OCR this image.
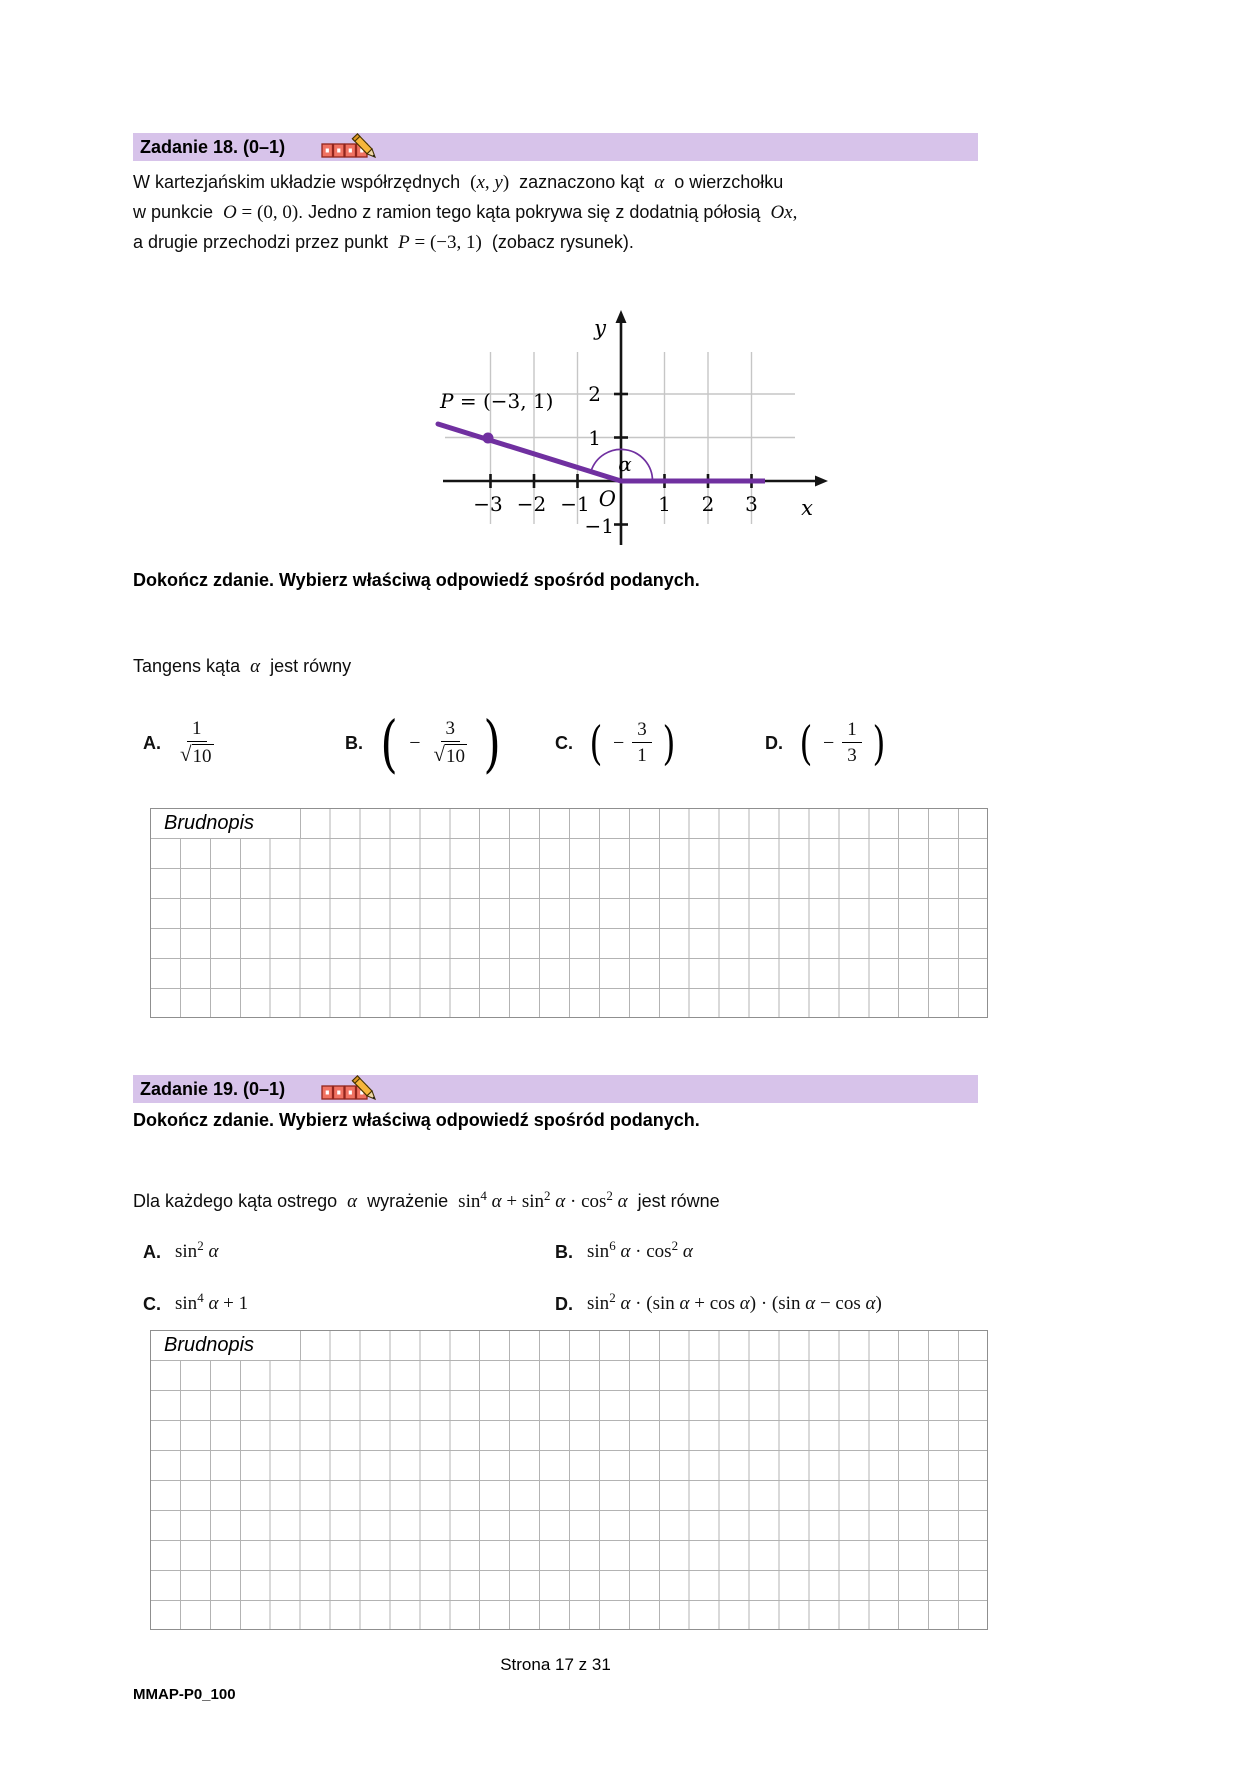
Zadanie 18. (0–1)
W kartezjańskim układzie współrzędnych  (x, y)  zaznaczono kąt  α  o wierzchołku
w punkcie  O = (0, 0). Jedno z ramion tego kąta pokrywa się z dodatnią półosią  Ox,
a drugie przechodzi przez punkt  P = (−3, 1)  (zobacz rysunek).
y
x
O
α
P = (−3, 1)
−3 −2 −1	1 2 3
2
1
−1
Dokończ zdanie. Wybierz właściwą odpowiedź spośród podanych.
Tangens kąta  α  jest równy
A. $\frac{1}{√ 10}$	B. ( − $\frac{3}{√ 10}$ )	C. ( − $\frac{3}{1}$ )	D. ( − $\frac{1}{3}$ )
Brudnopis
Zadanie 19. (0–1)
Dokończ zdanie. Wybierz właściwą odpowiedź spośród podanych.
Dla każdego kąta ostrego  α  wyrażenie  $\sin^4 \alpha + \sin^2 \alpha \cdot \cos^2 \alpha$  jest równe
A. $\sin^2 \alpha$	B. $\sin^6 \alpha \cdot \cos^2 \alpha$
C. $\sin^4 \alpha + 1$	D. $\sin^2 \alpha \cdot (\sin$ α + cos α) · (sin α − cos α)
Brudnopis
Strona 17 z 31
MMAP-P0_100
